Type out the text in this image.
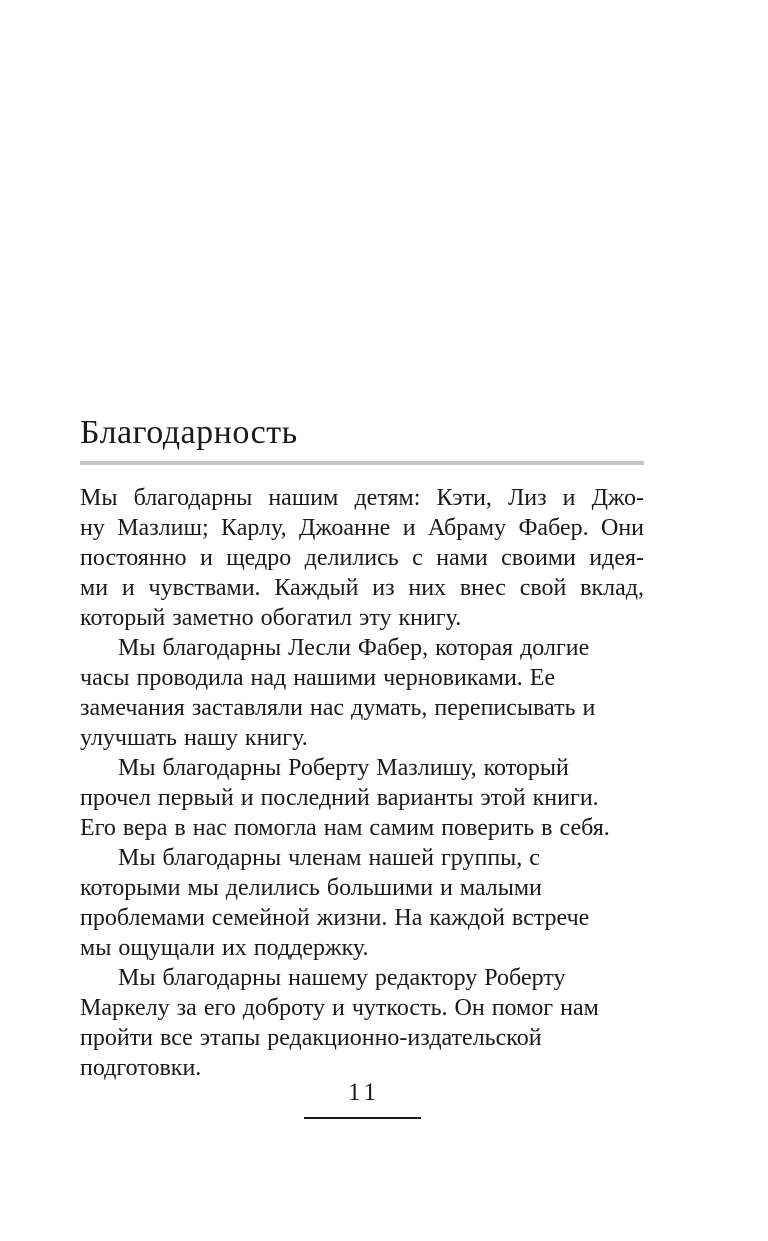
Благодарность
Мы благодарны нашим детям: Кэти, Лиз и Джо-
ну Мазлиш; Карлу, Джоанне и Абраму Фабер. Они
постоянно и щедро делились с нами своими идея-
ми и чувствами. Каждый из них внес свой вклад,
который заметно обогатил эту книгу.
Мы благодарны Лесли Фабер, которая долгие
часы проводила над нашими черновиками. Ее
замечания заставляли нас думать, переписывать и
улучшать нашу книгу.
Мы благодарны Роберту Мазлишу, который
прочел первый и последний варианты этой книги.
Его вера в нас помогла нам самим поверить в себя.
Мы благодарны членам нашей группы, с
которыми мы делились большими и малыми
проблемами семейной жизни. На каждой встрече
мы ощущали их поддержку.
Мы благодарны нашему редактору Роберту
Маркелу за его доброту и чуткость. Он помог нам
пройти все этапы редакционно-издательской
подготовки.
11
